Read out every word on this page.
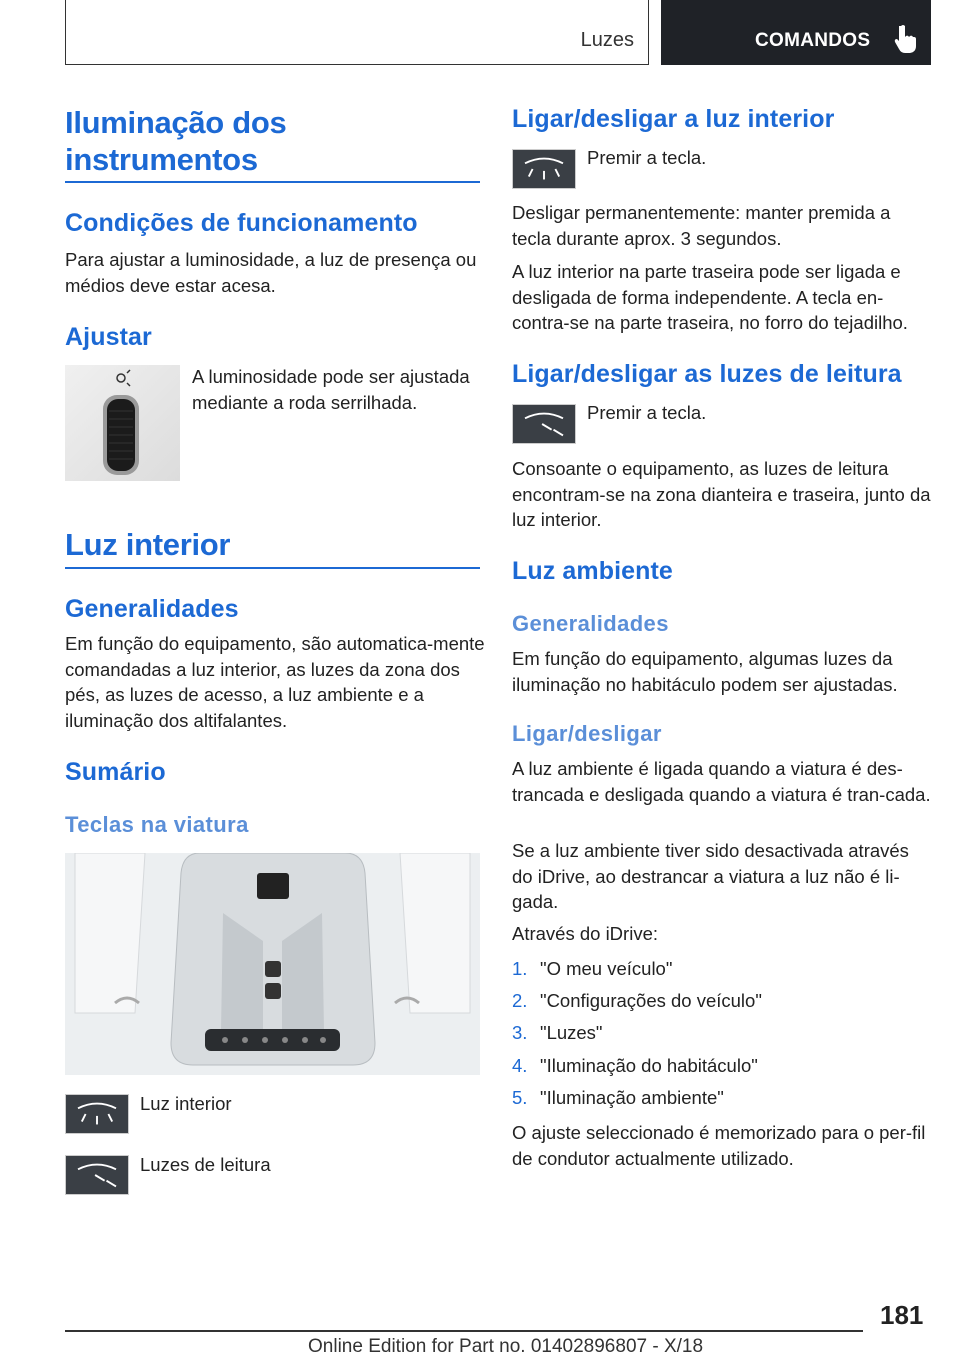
Luzes	COMANDOS
Iluminação dos instrumentos
Condições de funcionamento
Para ajustar a luminosidade, a luz de presença ou médios deve estar acesa.
Ajustar
A luminosidade pode ser ajustada mediante a roda serrilhada.
Luz interior
Generalidades
Em função do equipamento, são automatica‐mente comandadas a luz interior, as luzes da zona dos pés, as luzes de acesso, a luz ambiente e a iluminação dos altifalantes.
Sumário
Teclas na viatura
Luz interior
Luzes de leitura
Ligar/desligar a luz interior
Premir a tecla.
Desligar permanentemente: manter premida a tecla durante aprox. 3 segundos.
A luz interior na parte traseira pode ser ligada e desligada de forma independente. A tecla en‐contra-se na parte traseira, no forro do tejadilho.
Ligar/desligar as luzes de leitura
Premir a tecla.
Consoante o equipamento, as luzes de leitura encontram-se na zona dianteira e traseira, junto da luz interior.
Luz ambiente
Generalidades
Em função do equipamento, algumas luzes da iluminação no habitáculo podem ser ajustadas.
Ligar/desligar
A luz ambiente é ligada quando a viatura é des‐trancada e desligada quando a viatura é tran‐cada.
Se a luz ambiente tiver sido desactivada através do iDrive, ao destrancar a viatura a luz não é li‐gada.
Através do iDrive:
1. "O meu veículo"
2. "Configurações do veículo"
3. "Luzes"
4. "Iluminação do habitáculo"
5. "Iluminação ambiente"
O ajuste seleccionado é memorizado para o per‐fil de condutor actualmente utilizado.
181
Online Edition for Part no. 01402896807 - X/18
